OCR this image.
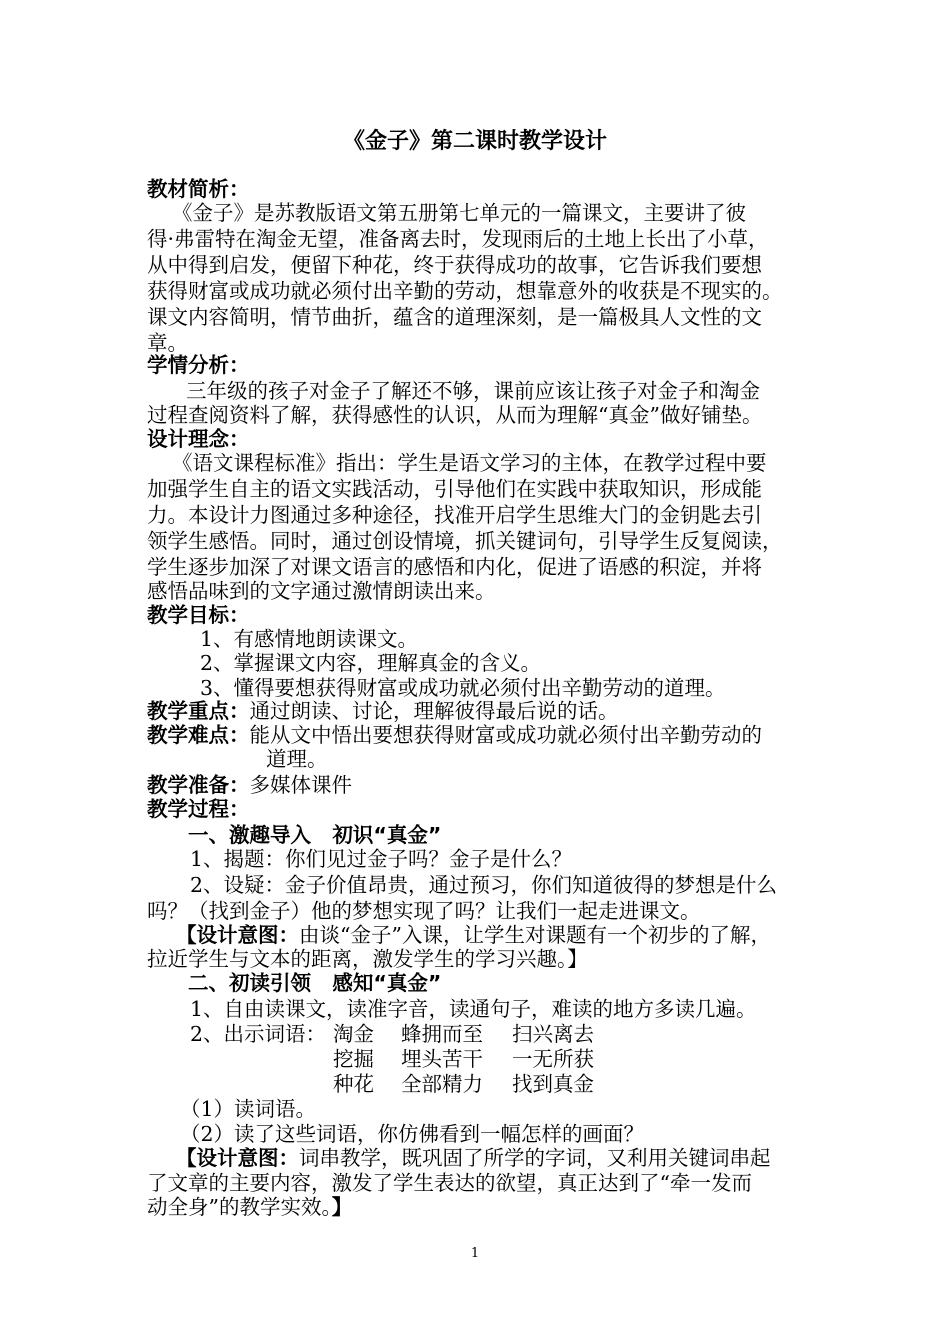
《金子》第二课时教学设计
教材简析：
《金子》是苏教版语文第五册第七单元的一篇课文，主要讲了彼
得·弗雷特在淘金无望，准备离去时，发现雨后的土地上长出了小草，
从中得到启发，便留下种花，终于获得成功的故事，它告诉我们要想
获得财富或成功就必须付出辛勤的劳动，想靠意外的收获是不现实的。
课文内容简明，情节曲折，蕴含的道理深刻，是一篇极具人文性的文
章。
学情分析：
三年级的孩子对金子了解还不够，课前应该让孩子对金子和淘金
过程查阅资料了解，获得感性的认识，从而为理解“真金”做好铺垫。
设计理念：
《语文课程标准》指出：学生是语文学习的主体，在教学过程中要
加强学生自主的语文实践活动，引导他们在实践中获取知识，形成能
力。本设计力图通过多种途径，找准开启学生思维大门的金钥匙去引
领学生感悟。同时，通过创设情境，抓关键词句，引导学生反复阅读，
学生逐步加深了对课文语言的感悟和内化，促进了语感的积淀，并将
感悟品味到的文字通过激情朗读出来。
教学目标：
1、有感情地朗读课文。
2、掌握课文内容，理解真金的含义。
3、懂得要想获得财富或成功就必须付出辛勤劳动的道理。
教学重点：通过朗读、讨论，理解彼得最后说的话。
教学难点：能从文中悟出要想获得财富或成功就必须付出辛勤劳动的
道理。
教学准备：多媒体课件
教学过程：
一、激趣导入   初识“真金”
1、揭题：你们见过金子吗？金子是什么？
2、设疑：金子价值昂贵，通过预习，你们知道彼得的梦想是什么
吗？（找到金子）他的梦想实现了吗？让我们一起走进课文。
【设计意图：由谈“金子”入课，让学生对课题有一个初步的了解，
拉近学生与文本的距离，激发学生的学习兴趣。】
二、初读引领   感知“真金”
1、自由读课文，读准字音，读通句子，难读的地方多读几遍。
2、出示词语： 淘金 蜂拥而至 扫兴离去
挖掘 埋头苦干 一无所获
种花 全部精力 找到真金
（1）读词语。
（2）读了这些词语，你仿佛看到一幅怎样的画面？
【设计意图：词串教学，既巩固了所学的字词，又利用关键词串起
了文章的主要内容，激发了学生表达的欲望，真正达到了“牵一发而
动全身”的教学实效。】
1
